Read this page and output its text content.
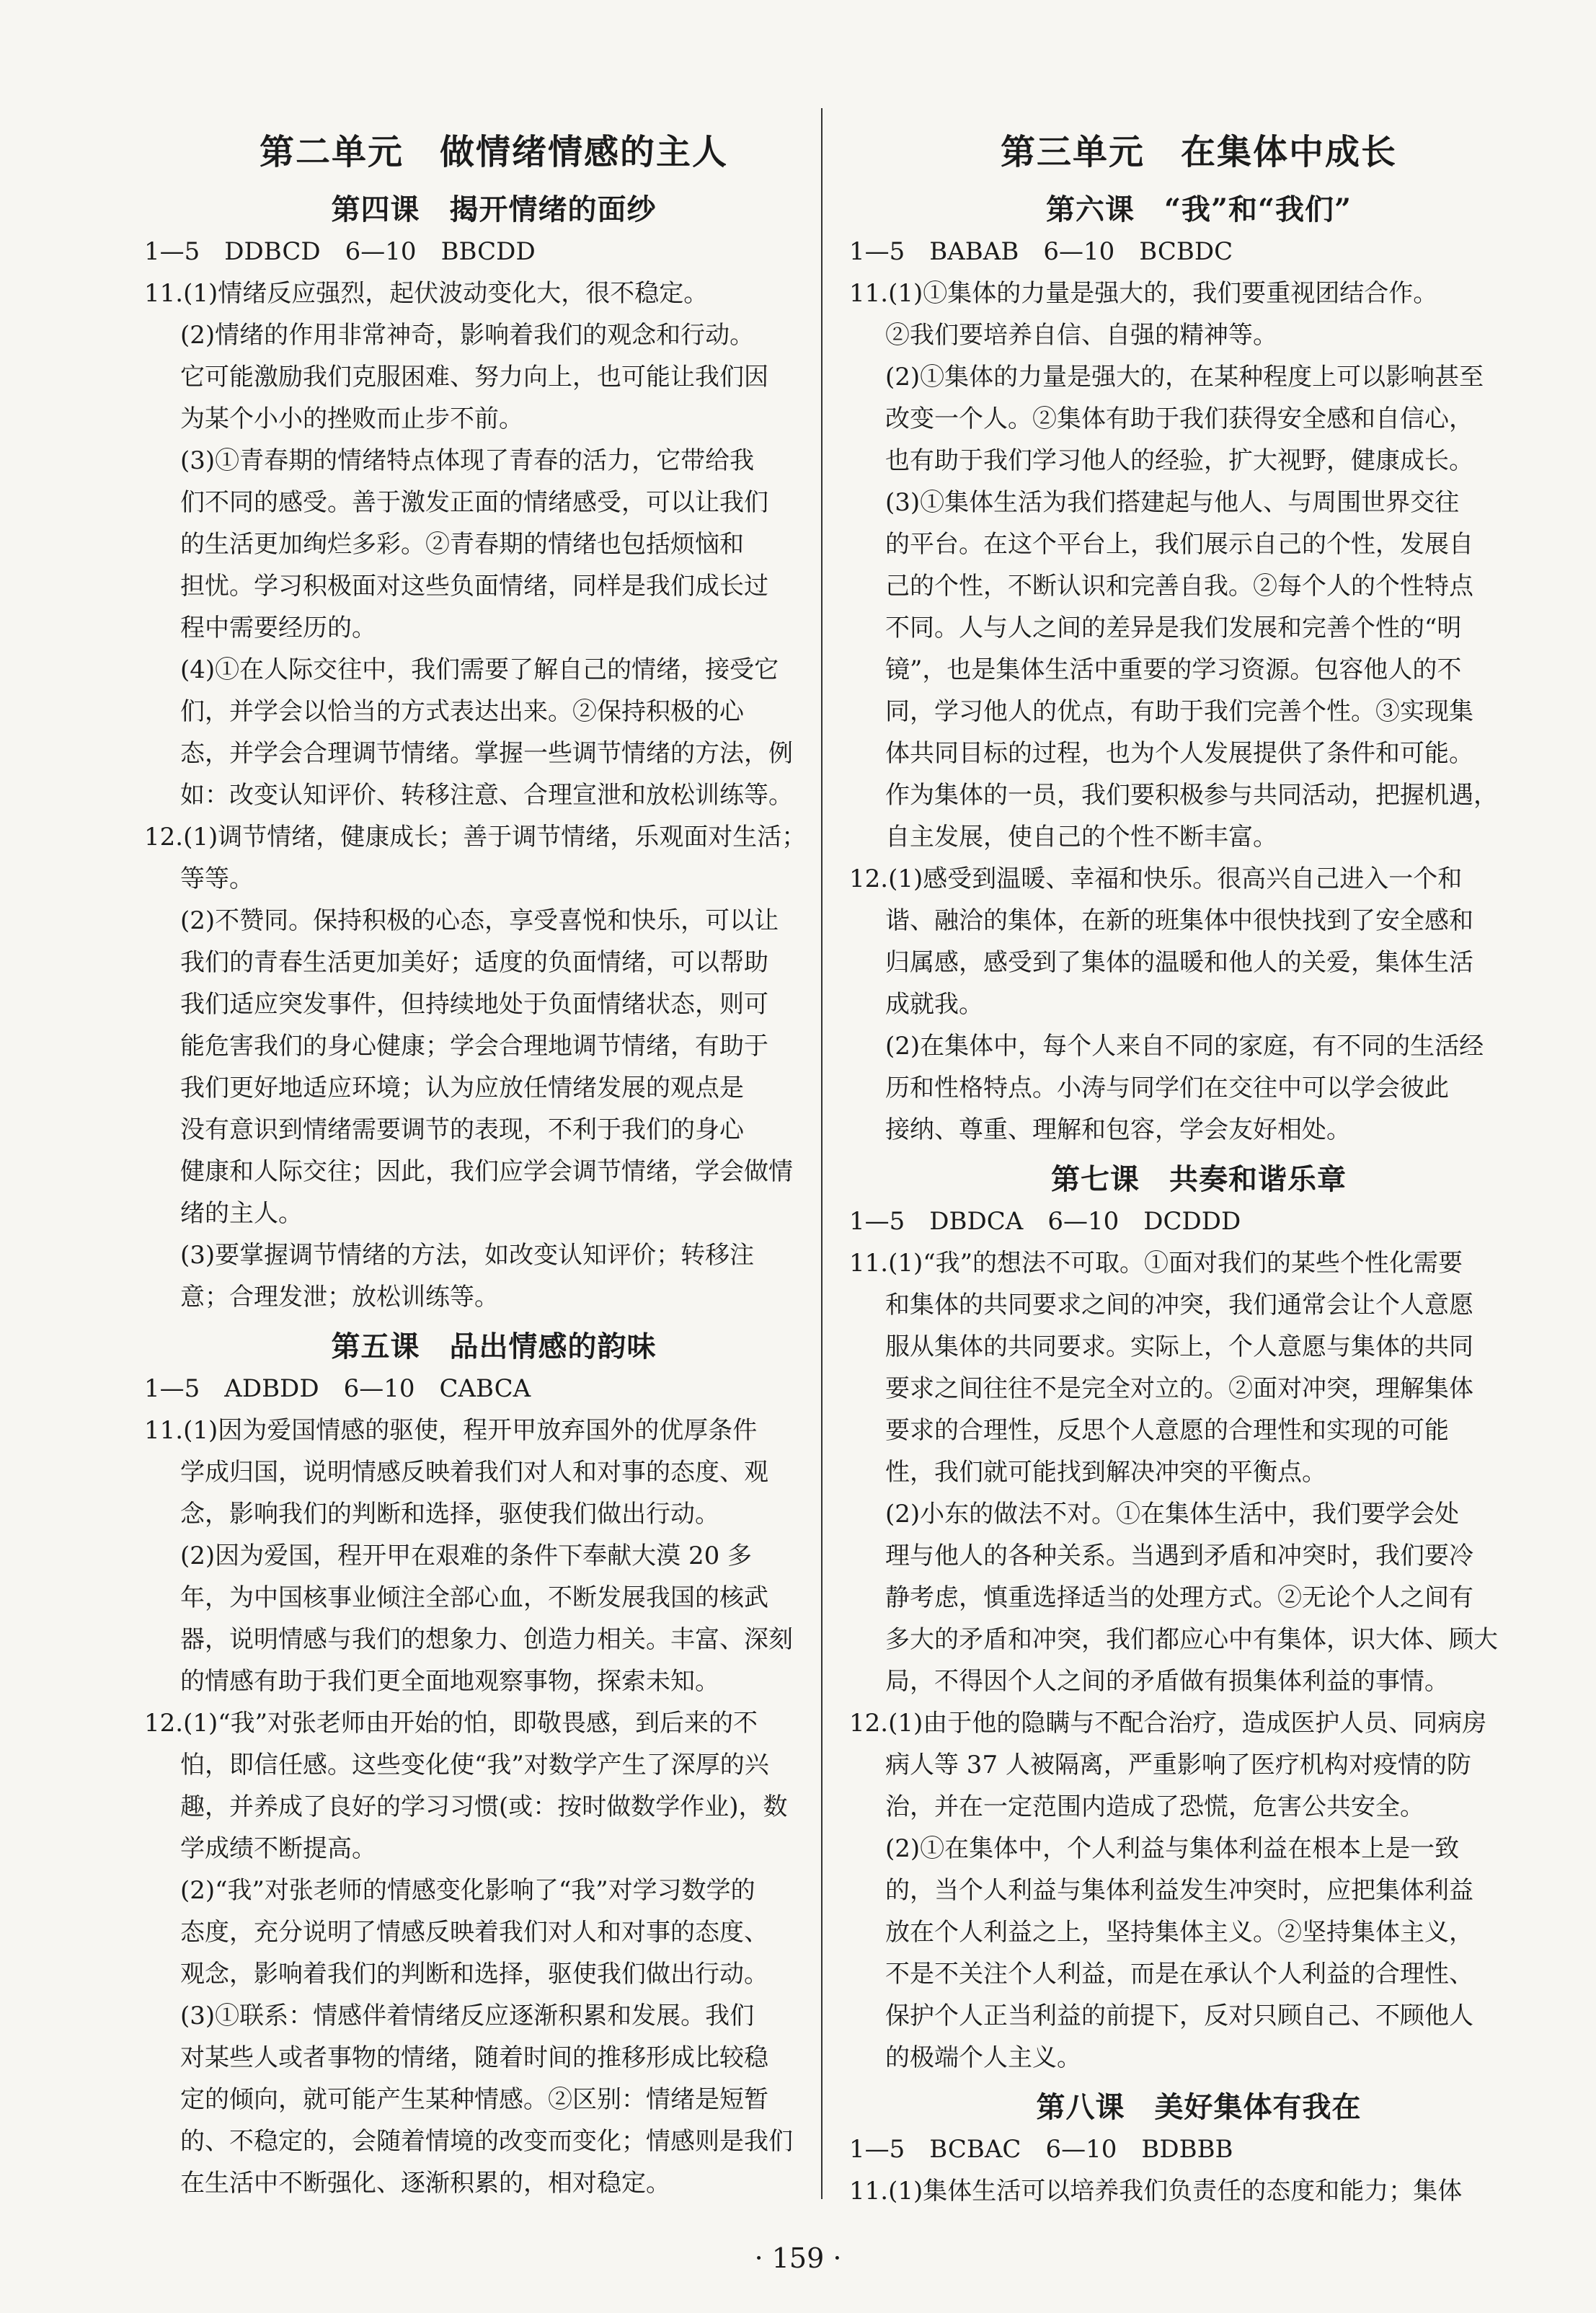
第二单元　做情绪情感的主人
第四课　揭开情绪的面纱
1—5　DDBCD　6—10　BBCDD
11.(1)情绪反应强烈，起伏波动变化大，很不稳定。
(2)情绪的作用非常神奇，影响着我们的观念和行动。
它可能激励我们克服困难、努力向上，也可能让我们因
为某个小小的挫败而止步不前。
(3)①青春期的情绪特点体现了青春的活力，它带给我
们不同的感受。善于激发正面的情绪感受，可以让我们
的生活更加绚烂多彩。②青春期的情绪也包括烦恼和
担忧。学习积极面对这些负面情绪，同样是我们成长过
程中需要经历的。
(4)①在人际交往中，我们需要了解自己的情绪，接受它
们，并学会以恰当的方式表达出来。②保持积极的心
态，并学会合理调节情绪。掌握一些调节情绪的方法，例
如：改变认知评价、转移注意、合理宣泄和放松训练等。
12.(1)调节情绪，健康成长；善于调节情绪，乐观面对生活；
等等。
(2)不赞同。保持积极的心态，享受喜悦和快乐，可以让
我们的青春生活更加美好；适度的负面情绪，可以帮助
我们适应突发事件，但持续地处于负面情绪状态，则可
能危害我们的身心健康；学会合理地调节情绪，有助于
我们更好地适应环境；认为应放任情绪发展的观点是
没有意识到情绪需要调节的表现，不利于我们的身心
健康和人际交往；因此，我们应学会调节情绪，学会做情
绪的主人。
(3)要掌握调节情绪的方法，如改变认知评价；转移注
意；合理发泄；放松训练等。
第五课　品出情感的韵味
1—5　ADBDD　6—10　CABCA
11.(1)因为爱国情感的驱使，程开甲放弃国外的优厚条件
学成归国，说明情感反映着我们对人和对事的态度、观
念，影响我们的判断和选择，驱使我们做出行动。
(2)因为爱国，程开甲在艰难的条件下奉献大漠 20 多
年，为中国核事业倾注全部心血，不断发展我国的核武
器，说明情感与我们的想象力、创造力相关。丰富、深刻
的情感有助于我们更全面地观察事物，探索未知。
12.(1)“我”对张老师由开始的怕，即敬畏感，到后来的不
怕，即信任感。这些变化使“我”对数学产生了深厚的兴
趣，并养成了良好的学习习惯(或：按时做数学作业)，数
学成绩不断提高。
(2)“我”对张老师的情感变化影响了“我”对学习数学的
态度，充分说明了情感反映着我们对人和对事的态度、
观念，影响着我们的判断和选择，驱使我们做出行动。
(3)①联系：情感伴着情绪反应逐渐积累和发展。我们
对某些人或者事物的情绪，随着时间的推移形成比较稳
定的倾向，就可能产生某种情感。②区别：情绪是短暂
的、不稳定的，会随着情境的改变而变化；情感则是我们
在生活中不断强化、逐渐积累的，相对稳定。
第三单元　在集体中成长
第六课　“我”和“我们”
1—5　BABAB　6—10　BCBDC
11.(1)①集体的力量是强大的，我们要重视团结合作。
②我们要培养自信、自强的精神等。
(2)①集体的力量是强大的，在某种程度上可以影响甚至
改变一个人。②集体有助于我们获得安全感和自信心，
也有助于我们学习他人的经验，扩大视野，健康成长。
(3)①集体生活为我们搭建起与他人、与周围世界交往
的平台。在这个平台上，我们展示自己的个性，发展自
己的个性，不断认识和完善自我。②每个人的个性特点
不同。人与人之间的差异是我们发展和完善个性的“明
镜”，也是集体生活中重要的学习资源。包容他人的不
同，学习他人的优点，有助于我们完善个性。③实现集
体共同目标的过程，也为个人发展提供了条件和可能。
作为集体的一员，我们要积极参与共同活动，把握机遇，
自主发展，使自己的个性不断丰富。
12.(1)感受到温暖、幸福和快乐。很高兴自己进入一个和
谐、融洽的集体，在新的班集体中很快找到了安全感和
归属感，感受到了集体的温暖和他人的关爱，集体生活
成就我。
(2)在集体中，每个人来自不同的家庭，有不同的生活经
历和性格特点。小涛与同学们在交往中可以学会彼此
接纳、尊重、理解和包容，学会友好相处。
第七课　共奏和谐乐章
1—5　DBDCA　6—10　DCDDD
11.(1)“我”的想法不可取。①面对我们的某些个性化需要
和集体的共同要求之间的冲突，我们通常会让个人意愿
服从集体的共同要求。实际上，个人意愿与集体的共同
要求之间往往不是完全对立的。②面对冲突，理解集体
要求的合理性，反思个人意愿的合理性和实现的可能
性，我们就可能找到解决冲突的平衡点。
(2)小东的做法不对。①在集体生活中，我们要学会处
理与他人的各种关系。当遇到矛盾和冲突时，我们要冷
静考虑，慎重选择适当的处理方式。②无论个人之间有
多大的矛盾和冲突，我们都应心中有集体，识大体、顾大
局，不得因个人之间的矛盾做有损集体利益的事情。
12.(1)由于他的隐瞒与不配合治疗，造成医护人员、同病房
病人等 37 人被隔离，严重影响了医疗机构对疫情的防
治，并在一定范围内造成了恐慌，危害公共安全。
(2)①在集体中，个人利益与集体利益在根本上是一致
的，当个人利益与集体利益发生冲突时，应把集体利益
放在个人利益之上，坚持集体主义。②坚持集体主义，
不是不关注个人利益，而是在承认个人利益的合理性、
保护个人正当利益的前提下，反对只顾自己、不顾他人
的极端个人主义。
第八课　美好集体有我在
1—5　BCBAC　6—10　BDBBB
11.(1)集体生活可以培养我们负责任的态度和能力；集体
· 159 ·
